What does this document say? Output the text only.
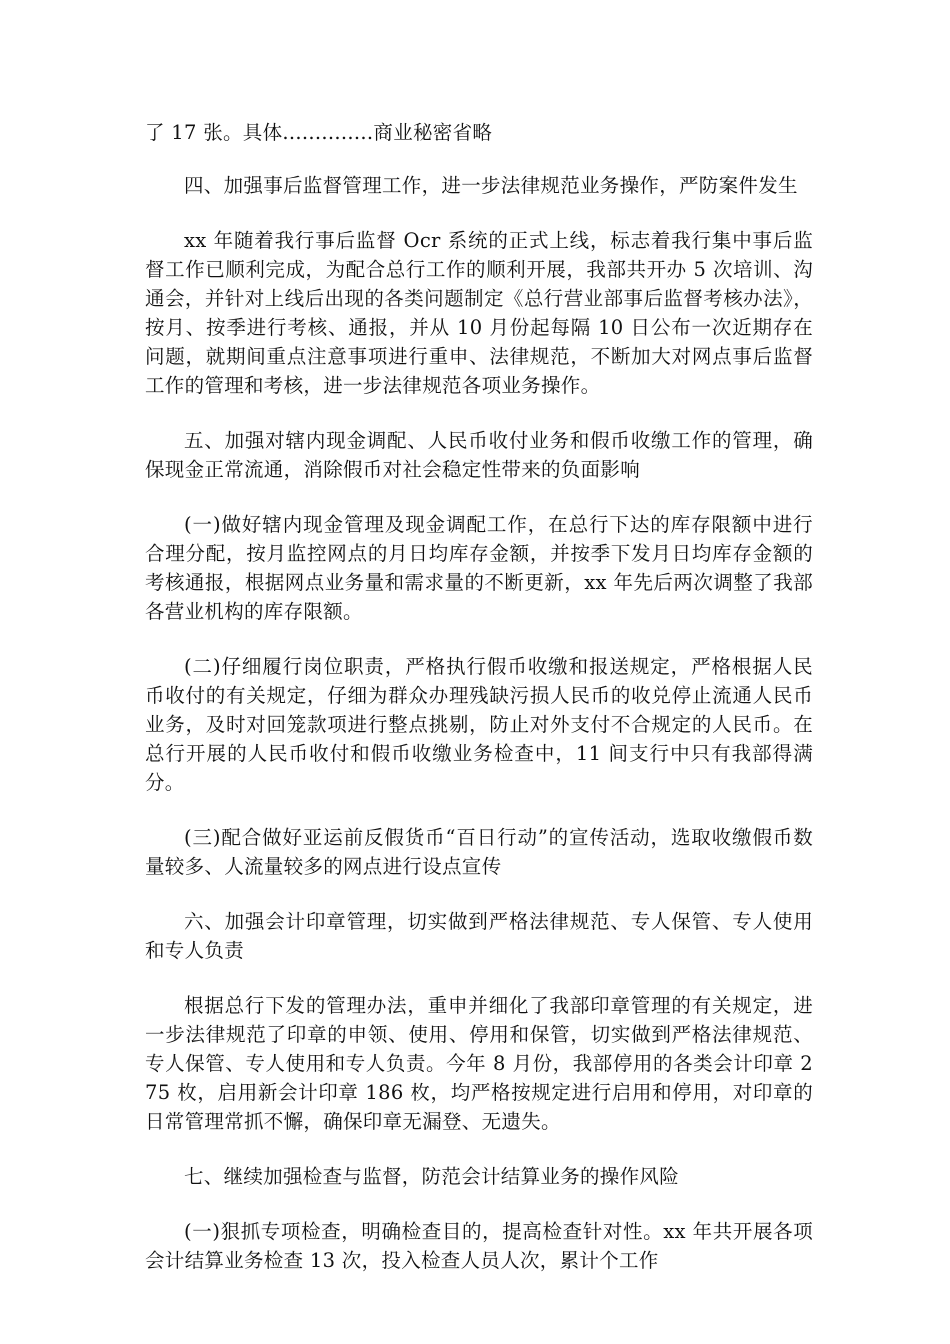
了 17 张。具体..............商业秘密省略

四、加强事后监督管理工作，进一步法律规范业务操作，严防案件发生

xx 年随着我行事后监督 Ocr 系统的正式上线，标志着我行集中事后监督工作已顺利完成，为配合总行工作的顺利开展，我部共开办 5 次培训、沟通会，并针对上线后出现的各类问题制定《总行营业部事后监督考核办法》，按月、按季进行考核、通报，并从 10 月份起每隔 10 日公布一次近期存在问题，就期间重点注意事项进行重申、法律规范，不断加大对网点事后监督工作的管理和考核，进一步法律规范各项业务操作。

五、加强对辖内现金调配、人民币收付业务和假币收缴工作的管理，确保现金正常流通，消除假币对社会稳定性带来的负面影响

(一)做好辖内现金管理及现金调配工作，在总行下达的库存限额中进行合理分配，按月监控网点的月日均库存金额，并按季下发月日均库存金额的考核通报，根据网点业务量和需求量的不断更新，xx 年先后两次调整了我部各营业机构的库存限额。

(二)仔细履行岗位职责，严格执行假币收缴和报送规定，严格根据人民币收付的有关规定，仔细为群众办理残缺污损人民币的收兑停止流通人民币业务，及时对回笼款项进行整点挑剔，防止对外支付不合规定的人民币。在总行开展的人民币收付和假币收缴业务检查中，11 间支行中只有我部得满分。

(三)配合做好亚运前反假货币“百日行动”的宣传活动，选取收缴假币数量较多、人流量较多的网点进行设点宣传

六、加强会计印章管理，切实做到严格法律规范、专人保管、专人使用和专人负责

根据总行下发的管理办法，重申并细化了我部印章管理的有关规定，进一步法律规范了印章的申领、使用、停用和保管，切实做到严格法律规范、专人保管、专人使用和专人负责。今年 8 月份，我部停用的各类会计印章 275 枚，启用新会计印章 186 枚，均严格按规定进行启用和停用，对印章的日常管理常抓不懈，确保印章无漏登、无遗失。

七、继续加强检查与监督，防范会计结算业务的操作风险

(一)狠抓专项检查，明确检查目的，提高检查针对性。xx 年共开展各项会计结算业务检查 13 次，投入检查人员人次，累计个工作
